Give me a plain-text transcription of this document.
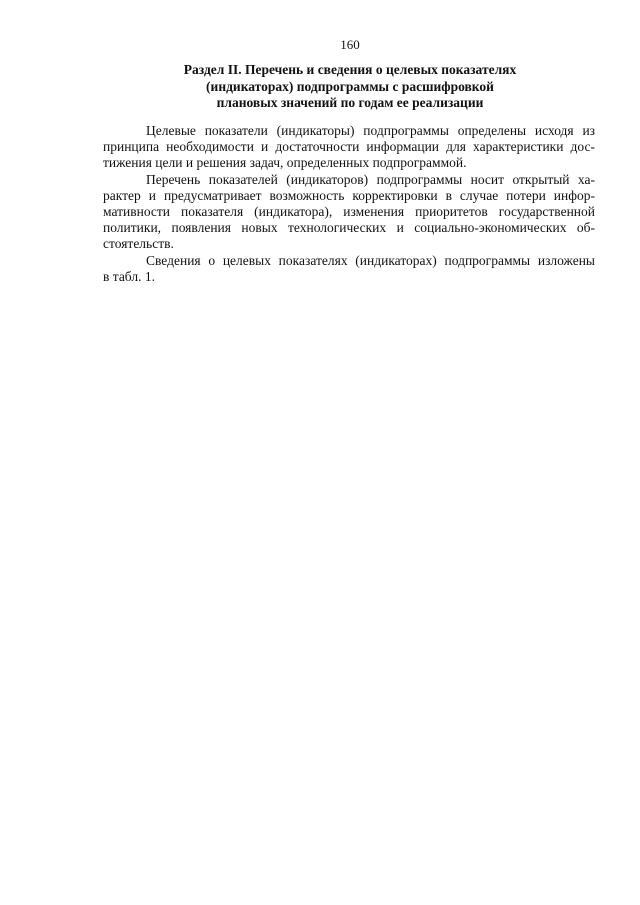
160
Раздел II. Перечень и сведения о целевых показателях
(индикаторах) подпрограммы с расшифровкой
плановых значений по годам ее реализации
Целевые показатели (индикаторы) подпрограммы определены исходя из
принципа необходимости и достаточности информации для характеристики дос-
тижения цели и решения задач, определенных подпрограммой.
Перечень показателей (индикаторов) подпрограммы носит открытый ха-
рактер и предусматривает возможность корректировки в случае потери инфор-
мативности показателя (индикатора), изменения приоритетов государственной
политики, появления новых технологических и социально-экономических об-
стоятельств.
Сведения о целевых показателях (индикаторах) подпрограммы изложены
в табл. 1.
